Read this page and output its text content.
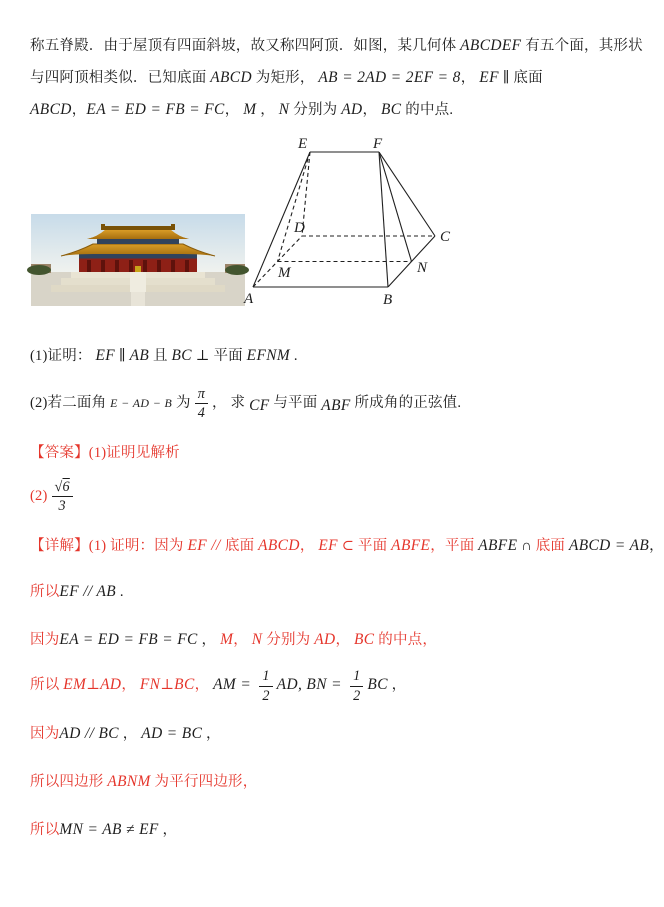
称五脊殿．由于屋顶有四面斜坡，故又称四阿顶．如图，某几何体 ABCDEF 有五个面，其形状
与四阿顶相类似．已知底面 ABCD 为矩形， AB = 2AD = 2EF = 8， EF ∥ 底面
ABCD，EA = ED = FB = FC， M ， N 分别为 AD， BC 的中点.
E	F
A	B
C
D
M	N
(1)证明： EF ∥ AB 且 BC ⊥ 平面 EFNM .
(2)若二面角 E − AD − B 为 $\frac{\pi}{4}$ ， 求 CF 与平面 ABF 所成角的正弦值.
【答案】(1)证明见解析
$(2) \frac{√6}{3}$
【详解】(1) 证明：因为 EF // 底面 ABCD， EF ⊂ 平面 ABFE，平面 ABFE ∩ 底面 ABCD = AB，
所以EF // AB .
因为EA = ED = FB = FC ， M， N 分别为 AD， BC 的中点，
所以 EM⊥AD， FN⊥BC， AM = $\frac{1}{2}$ AD, BN = $\frac{1}{2}$ BC ，
因为AD // BC ， AD = BC ，
所以四边形 ABNM 为平行四边形，
所以MN = AB ≠ EF ，
